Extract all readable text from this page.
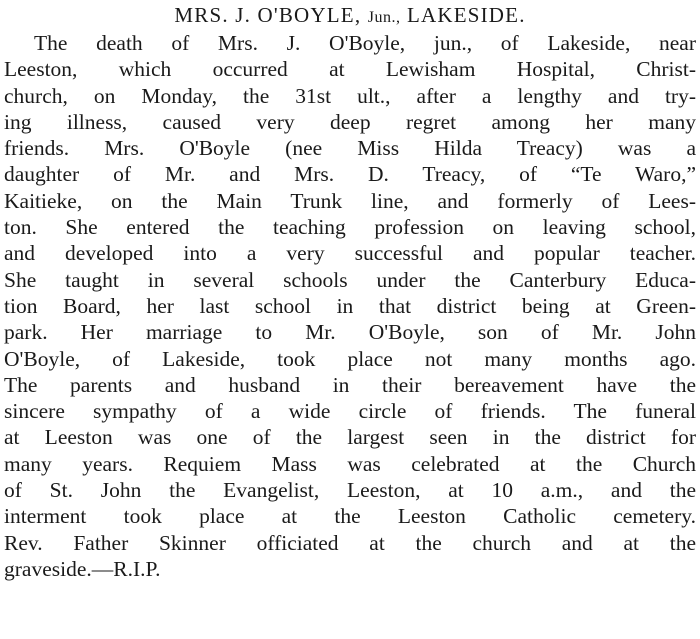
MRS. J. O'BOYLE, Jun., LAKESIDE.
The death of Mrs. J. O'Boyle, jun., of Lakeside, near
Leeston, which occurred at Lewisham Hospital, Christ-
church, on Monday, the 31st ult., after a lengthy and try-
ing illness, caused very deep regret among her many
friends. Mrs. O'Boyle (nee Miss Hilda Treacy) was a
daughter of Mr. and Mrs. D. Treacy, of “Te Waro,”
Kaitieke, on the Main Trunk line, and formerly of Lees-
ton. She entered the teaching profession on leaving school,
and developed into a very successful and popular teacher.
She taught in several schools under the Canterbury Educa-
tion Board, her last school in that district being at Green-
park. Her marriage to Mr. O'Boyle, son of Mr. John
O'Boyle, of Lakeside, took place not many months ago.
The parents and husband in their bereavement have the
sincere sympathy of a wide circle of friends. The funeral
at Leeston was one of the largest seen in the district for
many years. Requiem Mass was celebrated at the Church
of St. John the Evangelist, Leeston, at 10 a.m., and the
interment took place at the Leeston Catholic cemetery.
Rev. Father Skinner officiated at the church and at the
graveside.—R.I.P.
